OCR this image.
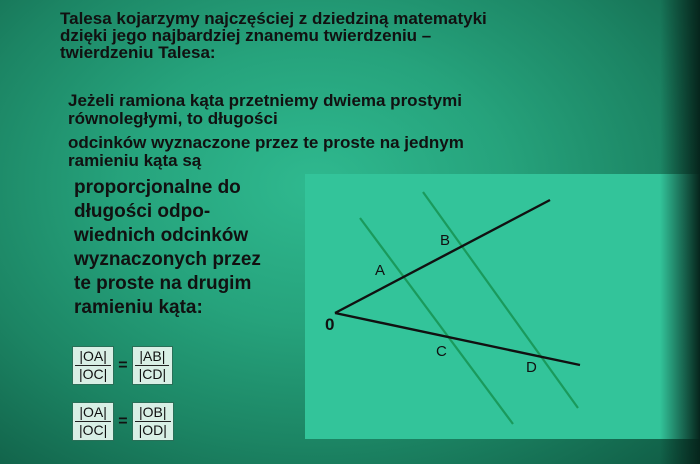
Talesa kojarzymy najczęściej z dziedziną matematyki
dzięki jego najbardziej znanemu twierdzeniu –
twierdzeniu Talesa:
Jeżeli ramiona kąta przetniemy dwiema prostymi
równoległymi, to długości
odcinków wyznaczone przez te proste na jednym
ramieniu kąta są
proporcjonalne do
długości odpo-
wiednich odcinków
wyznaczonych przez
te proste na drugim
ramieniu kąta:
0
A
B
C
D
$\frac{|OA|}{|OC|} = \frac{|AB|}{|CD|}$
$\frac{|OA|}{|OC|} = \frac{|OB|}{|OD|}$
